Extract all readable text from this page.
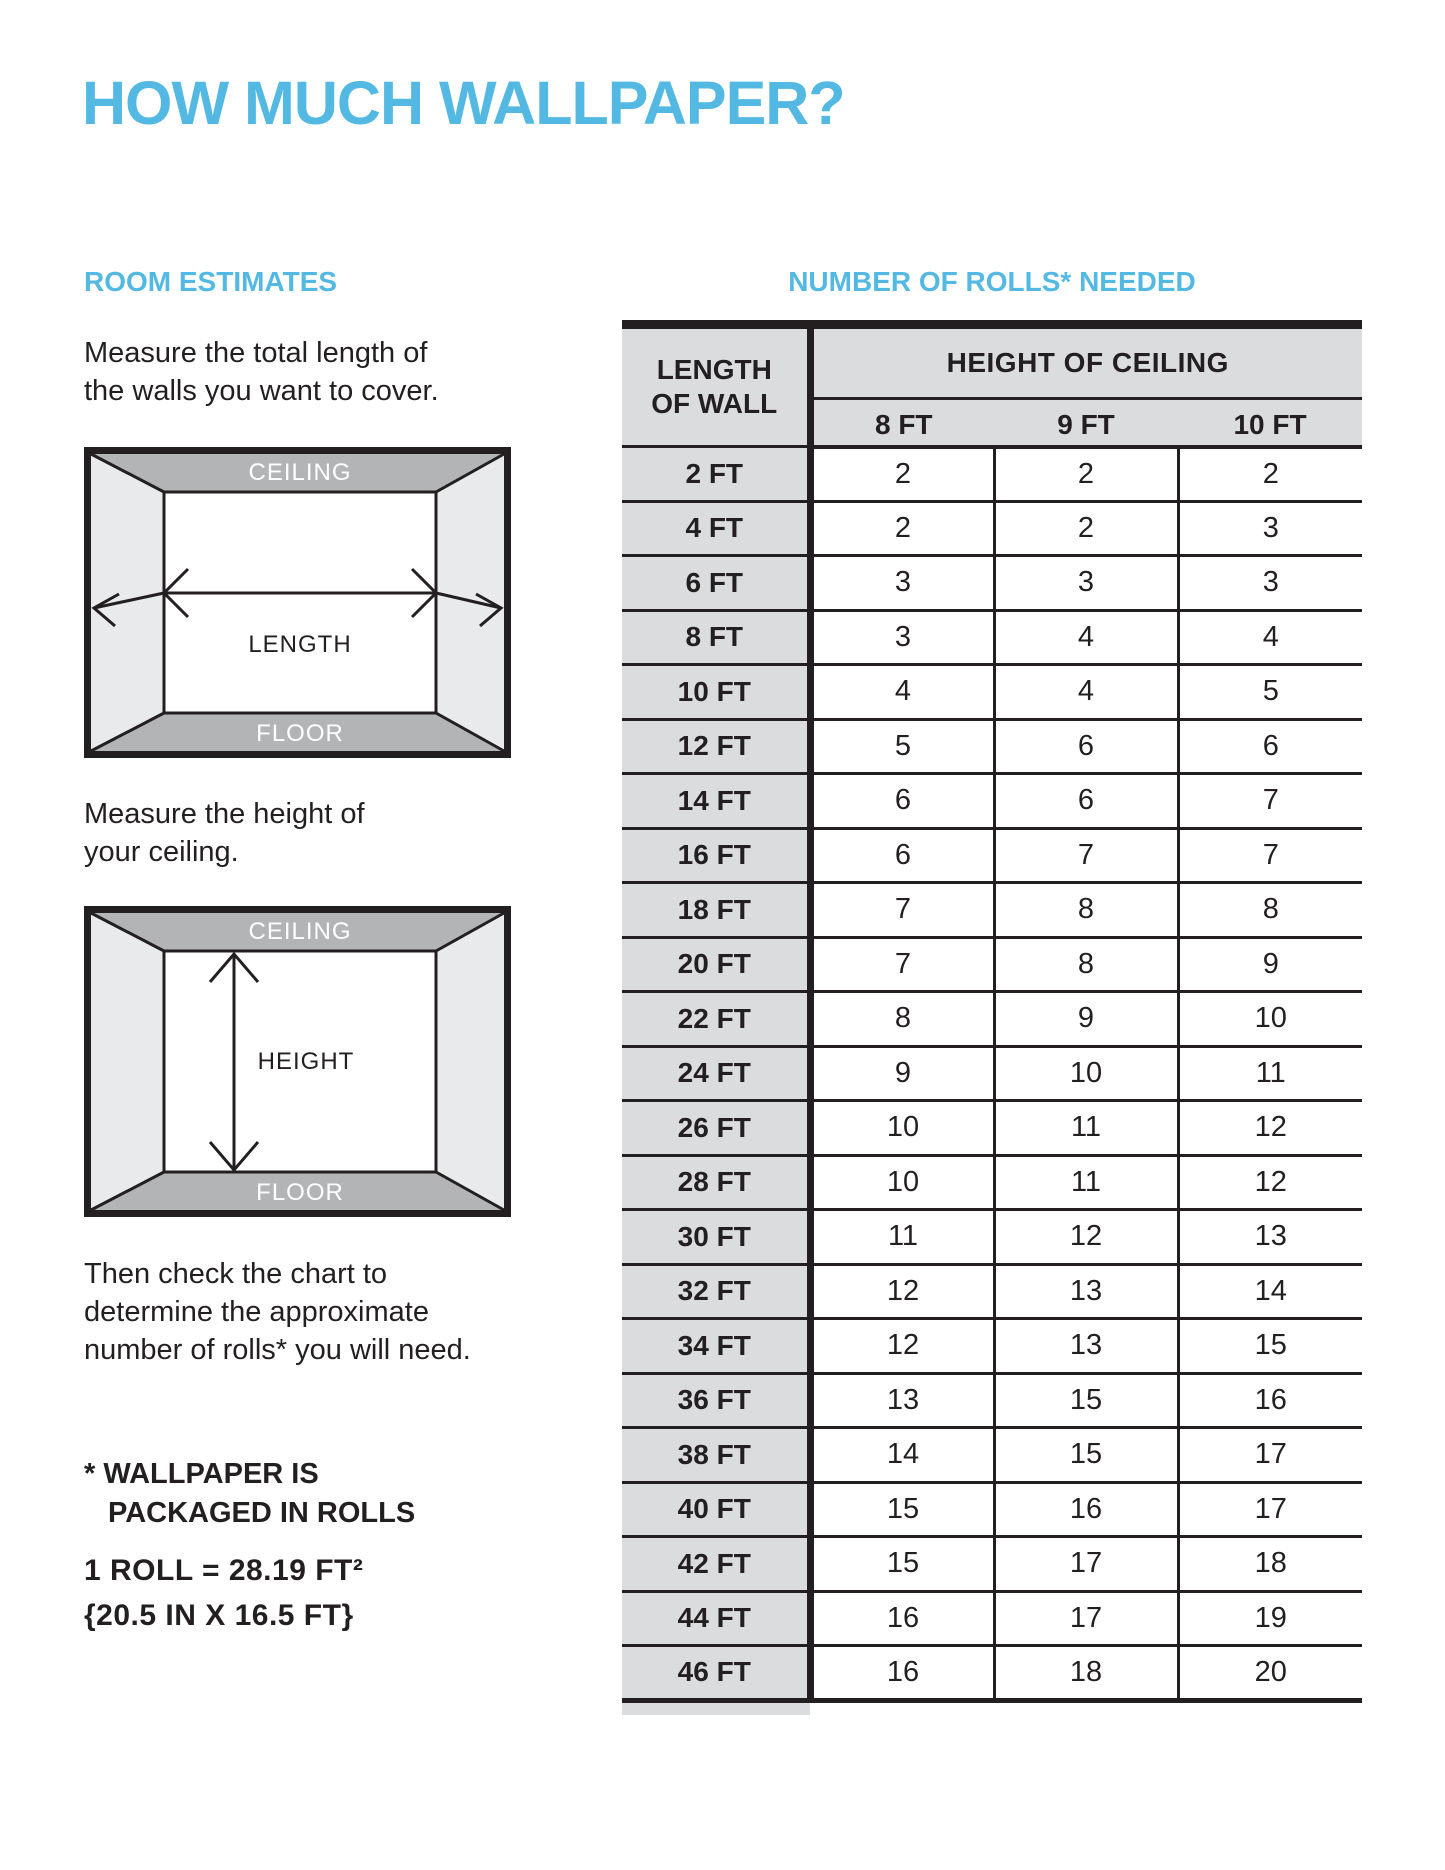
HOW MUCH WALLPAPER?
ROOM ESTIMATES	NUMBER OF ROLLS* NEEDED
Measure the total length of
the walls you want to cover.
CEILING
FLOOR
LENGTH
Measure the height of
your ceiling.
CEILING
FLOOR
HEIGHT
Then check the chart to
determine the approximate
number of rolls* you will need.
* WALLPAPER IS
PACKAGED IN ROLLS
1 ROLL = 28.19 FT²
{20.5 IN X 16.5 FT}
LENGTH
OF WALL	HEIGHT OF CEILING		
	8 FT	9 FT	10 FT
2 FT	2	2	2
4 FT	2	2	3
6 FT	3	3	3
8 FT	3	4	4
10 FT	4	4	5
12 FT	5	6	6
14 FT	6	6	7
16 FT	6	7	7
18 FT	7	8	8
20 FT	7	8	9
22 FT	8	9	10
24 FT	9	10	11
26 FT	10	11	12
28 FT	10	11	12
30 FT	11	12	13
32 FT	12	13	14
34 FT	12	13	15
36 FT	13	15	16
38 FT	14	15	17
40 FT	15	16	17
42 FT	15	17	18
44 FT	16	17	19
46 FT	16	18	20
